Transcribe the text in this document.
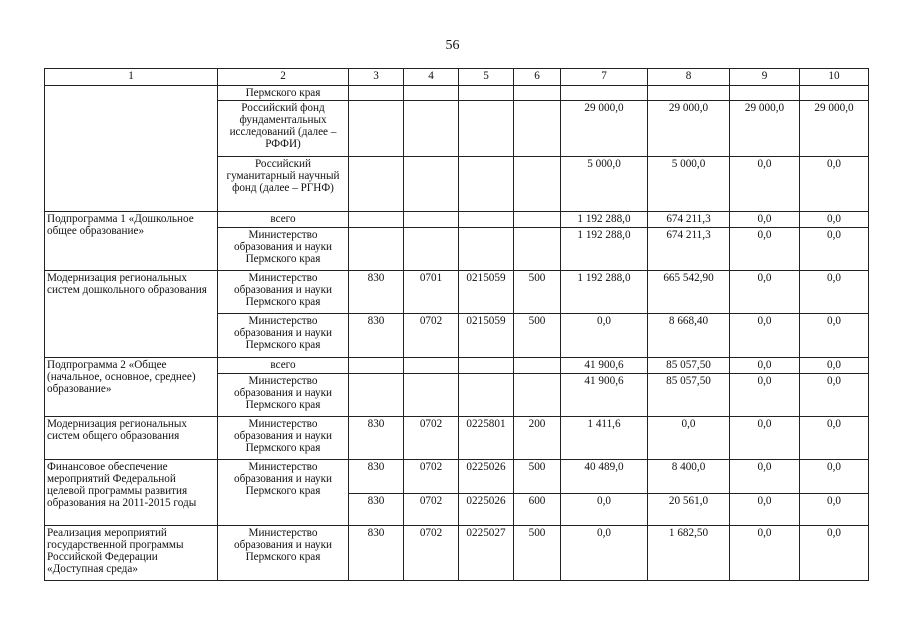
56
1	2	3	4	5	6	7	8	9	10
	Пермского края								
	Российский фонд фундаментальных исследований (далее – РФФИ)					29 000,0	29 000,0	29 000,0	29 000,0
	Российский гуманитарный научный фонд (далее – РГНФ)					5 000,0	5 000,0	0,0	0,0
Подпрограмма 1 «Дошкольное общее образование»	всего					1 192 288,0	674 211,3	0,0	0,0
	Министерство образования и науки Пермского края					1 192 288,0	674 211,3	0,0	0,0
Модернизация региональных систем дошкольного образования	Министерство образования и науки Пермского края	830	0701	0215059	500	1 192 288,0	665 542,90	0,0	0,0
	Министерство образования и науки Пермского края	830	0702	0215059	500	0,0	8 668,40	0,0	0,0
Подпрограмма 2 «Общее (начальное, основное, среднее) образование»	всего					41 900,6	85 057,50	0,0	0,0
	Министерство образования и науки Пермского края					41 900,6	85 057,50	0,0	0,0
Модернизация региональных систем общего образования	Министерство образования и науки Пермского края	830	0702	0225801	200	1 411,6	0,0	0,0	0,0
Финансовое обеспечение мероприятий Федеральной целевой программы развития образования на 2011-2015 годы	Министерство образования и науки Пермского края	830	0702	0225026	500	40 489,0	8 400,0	0,0	0,0
		830	0702	0225026	600	0,0	20 561,0	0,0	0,0
Реализация мероприятий государственной программы Российской Федерации «Доступная среда»	Министерство образования и науки Пермского края	830	0702	0225027	500	0,0	1 682,50	0,0	0,0
